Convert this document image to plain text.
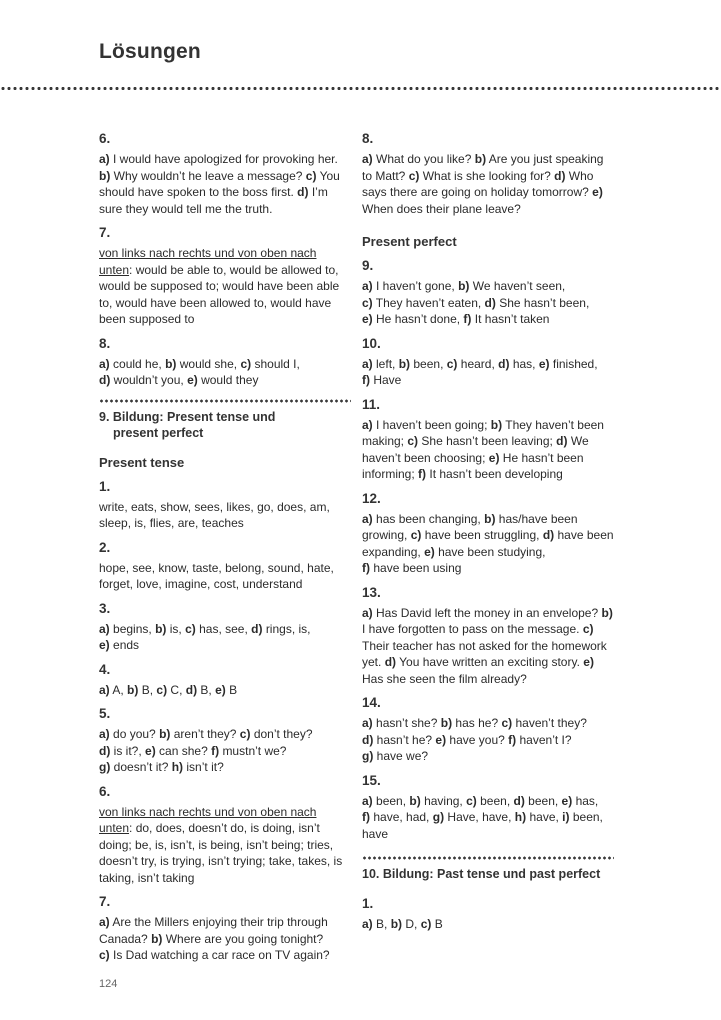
Lösungen
6.
a) I would have apologized for provoking her. b) Why wouldn’t he leave a message? c) You should have spoken to the boss first. d) I’m sure they would tell me the truth.
7.
von links nach rechts und von oben nach unten: would be able to, would be allowed to, would be supposed to; would have been able to, would have been allowed to, would have been supposed to
8.
a) could he, b) would she, c) should I,
d) wouldn’t you, e) would they
9. Bildung: Present tense und
present perfect
Present tense
1.
write, eats, show, sees, likes, go, does, am, sleep, is, flies, are, teaches
2.
hope, see, know, taste, belong, sound, hate, forget, love, imagine, cost, understand
3.
a) begins, b) is, c) has, see, d) rings, is,
e) ends
4.
a) A, b) B, c) C, d) B, e) B
5.
a) do you? b) aren’t they? c) don’t they?
d) is it?, e) can she? f) mustn’t we?
g) doesn’t it? h) isn’t it?
6.
von links nach rechts und von oben nach unten: do, does, doesn’t do, is doing, isn’t doing; be, is, isn’t, is being, isn’t being; tries, doesn’t try, is trying, isn’t trying; take, takes, is taking, isn’t taking
7.
a) Are the Millers enjoying their trip through Canada? b) Where are you going tonight?
c) Is Dad watching a car race on TV again?
8.
a) What do you like? b) Are you just speaking to Matt? c) What is she looking for? d) Who says there are going on holiday tomorrow? e) When does their plane leave?
Present perfect
9.
a) I haven’t gone, b) We haven’t seen,
c) They haven’t eaten, d) She hasn’t been,
e) He hasn’t done, f) It hasn’t taken
10.
a) left, b) been, c) heard, d) has, e) finished,
f) Have
11.
a) I haven’t been going; b) They haven’t been making; c) She hasn’t been leaving; d) We haven’t been choosing; e) He hasn’t been informing; f) It hasn’t been developing
12.
a) has been changing, b) has/have been growing, c) have been struggling, d) have been expanding, e) have been studying,
f) have been using
13.
a) Has David left the money in an envelope? b) I have forgotten to pass on the message. c) Their teacher has not asked for the homework yet. d) You have written an exciting story. e) Has she seen the film already?
14.
a) hasn’t she? b) has he? c) haven’t they?
d) hasn’t he? e) have you? f) haven’t I?
g) have we?
15.
a) been, b) having, c) been, d) been, e) has,
f) have, had, g) Have, have, h) have, i) been, have
10. Bildung: Past tense und past perfect
1.
a) B, b) D, c) B
124
